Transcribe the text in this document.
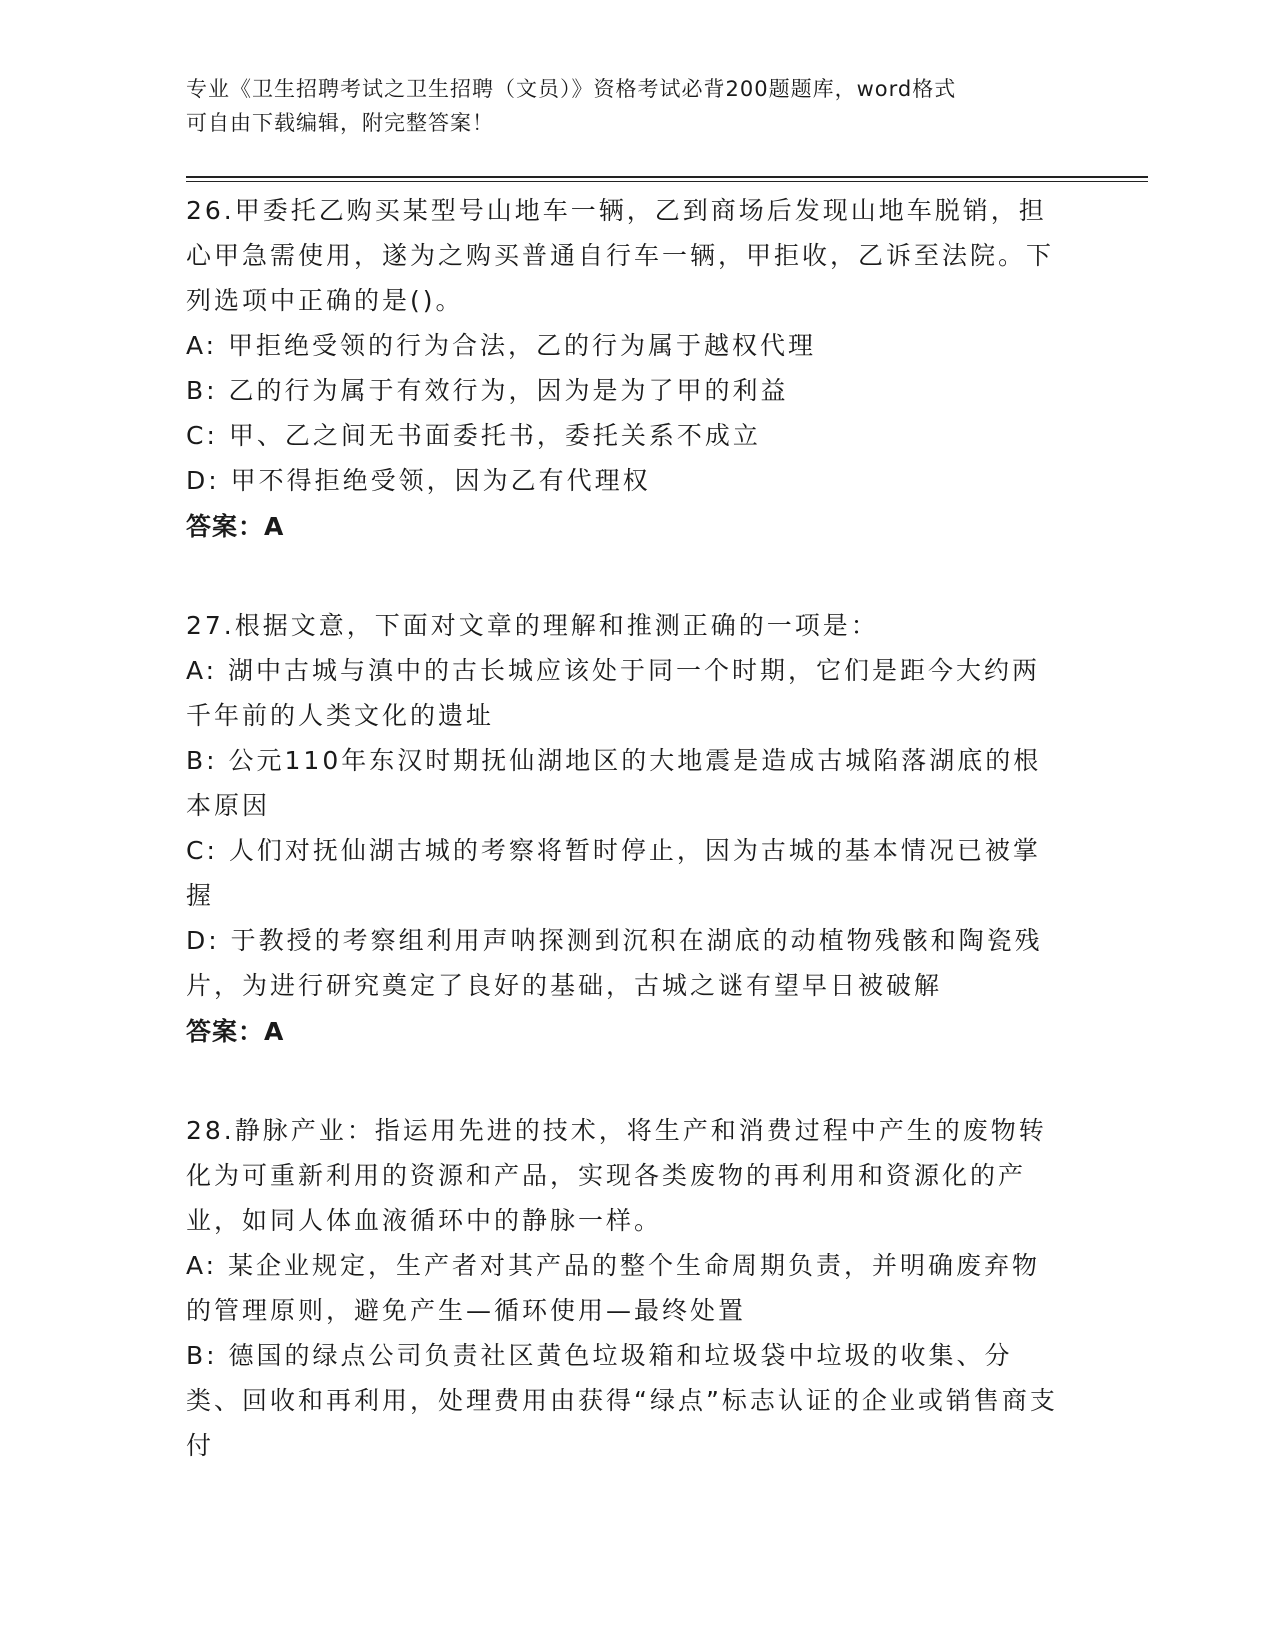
专业《卫生招聘考试之卫生招聘（文员）》资格考试必背200题题库，word格式
可自由下载编辑，附完整答案！

26.甲委托乙购买某型号山地车一辆，乙到商场后发现山地车脱销，担心甲急需使用，遂为之购买普通自行车一辆，甲拒收，乙诉至法院。下列选项中正确的是()。

A: 甲拒绝受领的行为合法，乙的行为属于越权代理

B: 乙的行为属于有效行为，因为是为了甲的利益

C: 甲、乙之间无书面委托书，委托关系不成立

D: 甲不得拒绝受领，因为乙有代理权

答案：A

27.根据文意，下面对文章的理解和推测正确的一项是：

A: 湖中古城与滇中的古长城应该处于同一个时期，它们是距今大约两千年前的人类文化的遗址

B: 公元110年东汉时期抚仙湖地区的大地震是造成古城陷落湖底的根本原因

C: 人们对抚仙湖古城的考察将暂时停止，因为古城的基本情况已被掌握

D: 于教授的考察组利用声呐探测到沉积在湖底的动植物残骸和陶瓷残片，为进行研究奠定了良好的基础，古城之谜有望早日被破解

答案：A

28.静脉产业：指运用先进的技术，将生产和消费过程中产生的废物转化为可重新利用的资源和产品，实现各类废物的再利用和资源化的产业，如同人体血液循环中的静脉一样。

A: 某企业规定，生产者对其产品的整个生命周期负责，并明确废弃物的管理原则，避免产生—循环使用—最终处置

B: 德国的绿点公司负责社区黄色垃圾箱和垃圾袋中垃圾的收集、分类、回收和再利用，处理费用由获得“绿点”标志认证的企业或销售商支付
